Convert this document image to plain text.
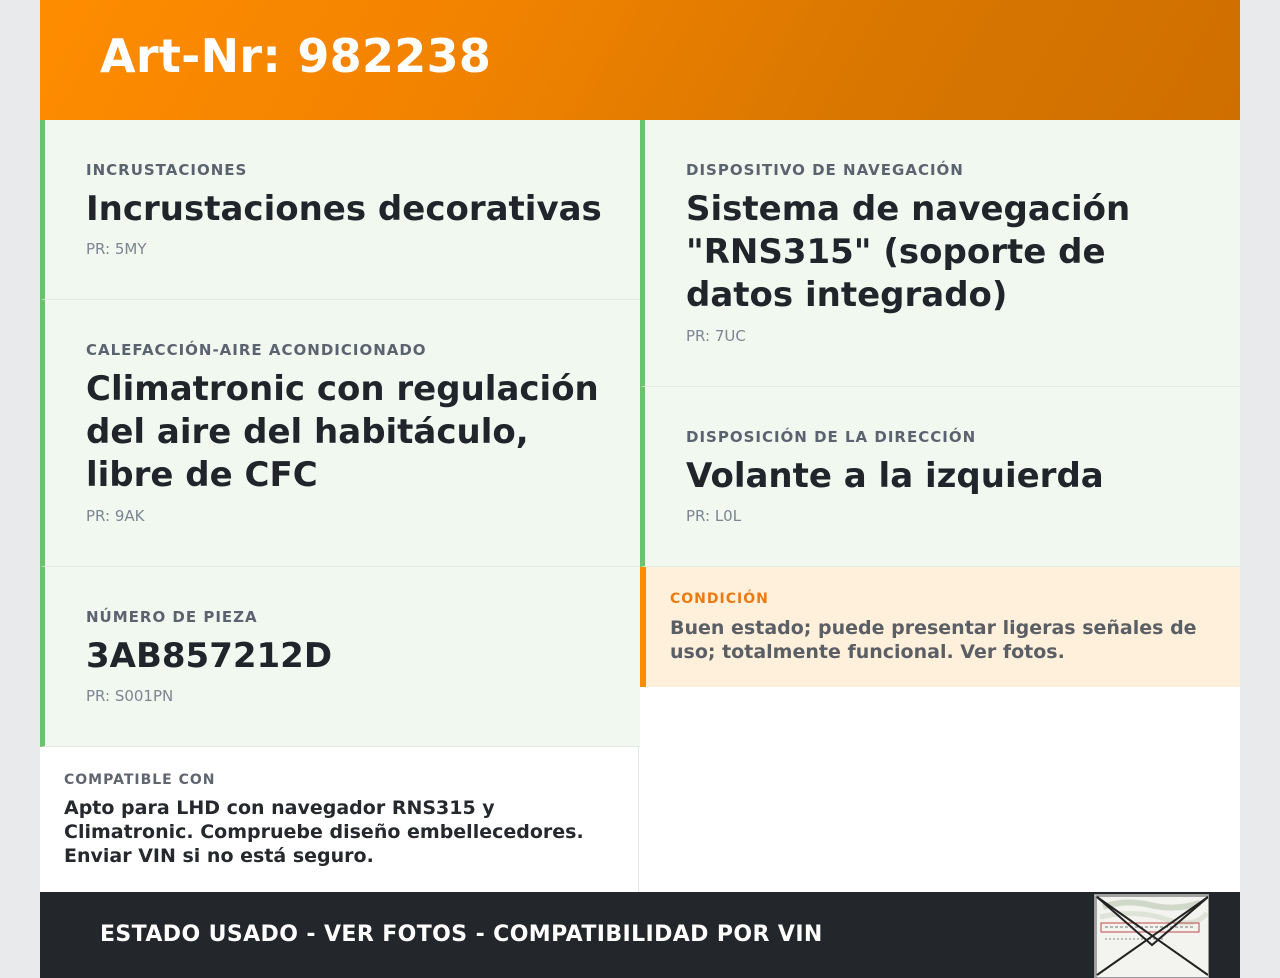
Art-Nr: 982238
INCRUSTACIONES
Incrustaciones decorativas
PR: 5MY
CALEFACCIÓN-AIRE ACONDICIONADO
Climatronic con regulación del aire del habitáculo, libre de CFC
PR: 9AK
NÚMERO DE PIEZA
3AB857212D
PR: S001PN
DISPOSITIVO DE NAVEGACIÓN
Sistema de navegación "RNS315" (soporte de datos integrado)
PR: 7UC
DISPOSICIÓN DE LA DIRECCIÓN
Volante a la izquierda
PR: L0L
CONDICIÓN
Buen estado; puede presentar ligeras señales de uso; totalmente funcional. Ver fotos.
COMPATIBLE CON
Apto para LHD con navegador RNS315 y Climatronic. Compruebe diseño embellecedores. Enviar VIN si no está seguro.
ESTADO USADO - VER FOTOS - COMPATIBILIDAD POR VIN
